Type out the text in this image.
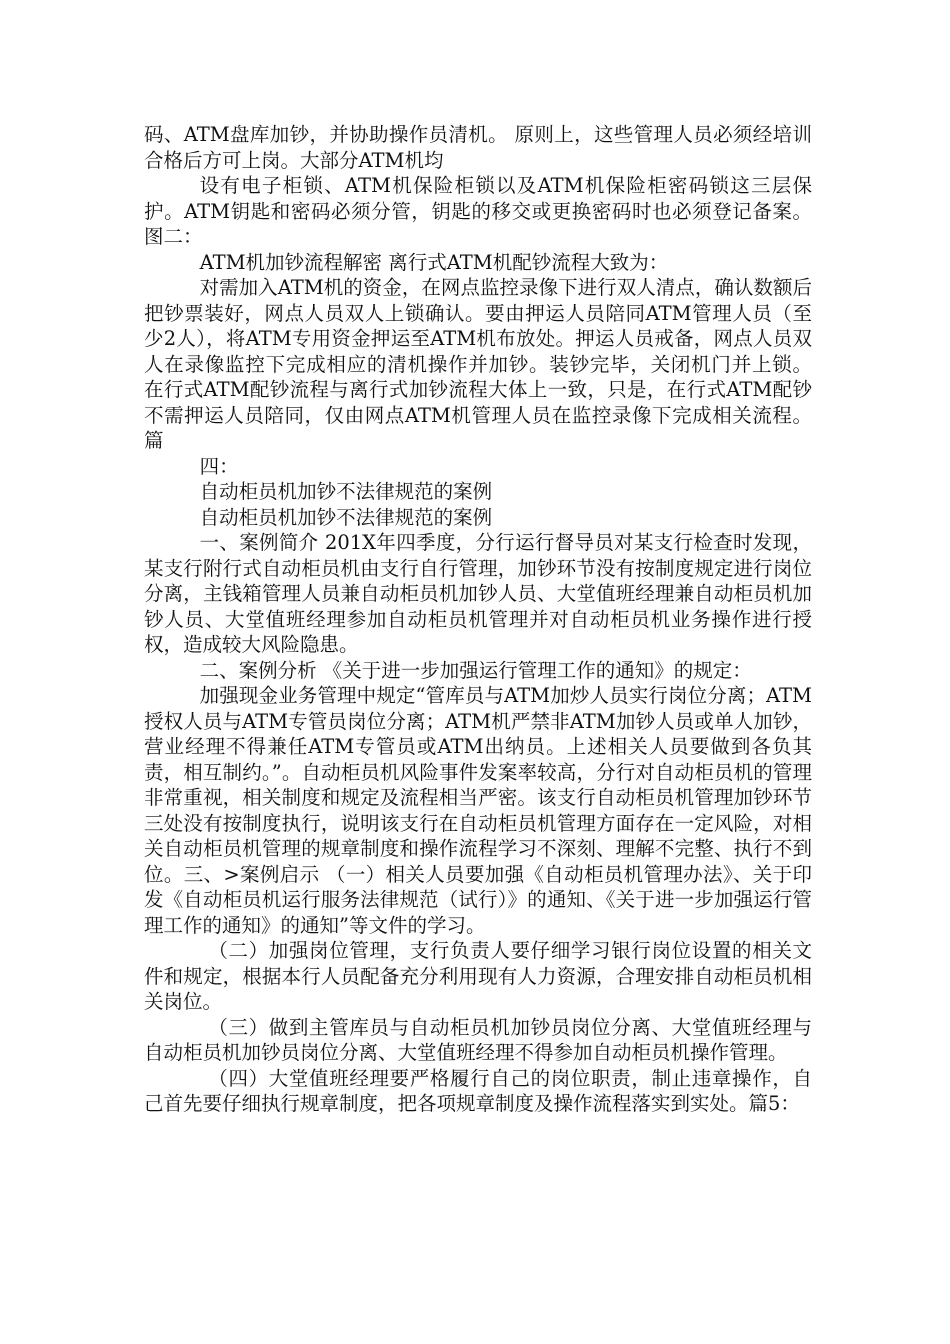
码、ATM盘库加钞，并协助操作员清机。 原则上，这些管理人员必须经培训合格后方可上岗。大部分ATM机均

设有电子柜锁、ATM机保险柜锁以及ATM机保险柜密码锁这三层保护。ATM钥匙和密码必须分管，钥匙的移交或更换密码时也必须登记备案。 图二：

ATM机加钞流程解密 离行式ATM机配钞流程大致为：

对需加入ATM机的资金，在网点监控录像下进行双人清点，确认数额后把钞票装好，网点人员双人上锁确认。要由押运人员陪同ATM管理人员（至少2人），将ATM专用资金押运至ATM机布放处。押运人员戒备，网点人员双人在录像监控下完成相应的清机操作并加钞。装钞完毕，关闭机门并上锁。 在行式ATM配钞流程与离行式加钞流程大体上一致，只是，在行式ATM配钞不需押运人员陪同，仅由网点ATM机管理人员在监控录像下完成相关流程。 篇

四：

自动柜员机加钞不法律规范的案例

自动柜员机加钞不法律规范的案例

一、案例简介 201X年四季度，分行运行督导员对某支行检查时发现，某支行附行式自动柜员机由支行自行管理，加钞环节没有按制度规定进行岗位分离，主钱箱管理人员兼自动柜员机加钞人员、大堂值班经理兼自动柜员机加钞人员、大堂值班经理参加自动柜员机管理并对自动柜员机业务操作进行授权，造成较大风险隐患。

二、案例分析 《关于进一步加强运行管理工作的通知》的规定：

加强现金业务管理中规定“管库员与ATM加炒人员实行岗位分离；ATM授权人员与ATM专管员岗位分离；ATM机严禁非ATM加钞人员或单人加钞，营业经理不得兼任ATM专管员或ATM出纳员。上述相关人员要做到各负其责，相互制约。”。自动柜员机风险事件发案率较高，分行对自动柜员机的管理非常重视，相关制度和规定及流程相当严密。该支行自动柜员机管理加钞环节三处没有按制度执行，说明该支行在自动柜员机管理方面存在一定风险，对相关自动柜员机管理的规章制度和操作流程学习不深刻、理解不完整、执行不到位。三、>案例启示 （一）相关人员要加强《自动柜员机管理办法》、关于印发《自动柜员机运行服务法律规范（试行）》的通知、《关于进一步加强运行管理工作的通知》的通知”等文件的学习。

（二）加强岗位管理，支行负责人要仔细学习银行岗位设置的相关文件和规定，根据本行人员配备充分利用现有人力资源，合理安排自动柜员机相关岗位。

（三）做到主管库员与自动柜员机加钞员岗位分离、大堂值班经理与自动柜员机加钞员岗位分离、大堂值班经理不得参加自动柜员机操作管理。

（四）大堂值班经理要严格履行自己的岗位职责，制止违章操作，自己首先要仔细执行规章制度，把各项规章制度及操作流程落实到实处。篇5：
